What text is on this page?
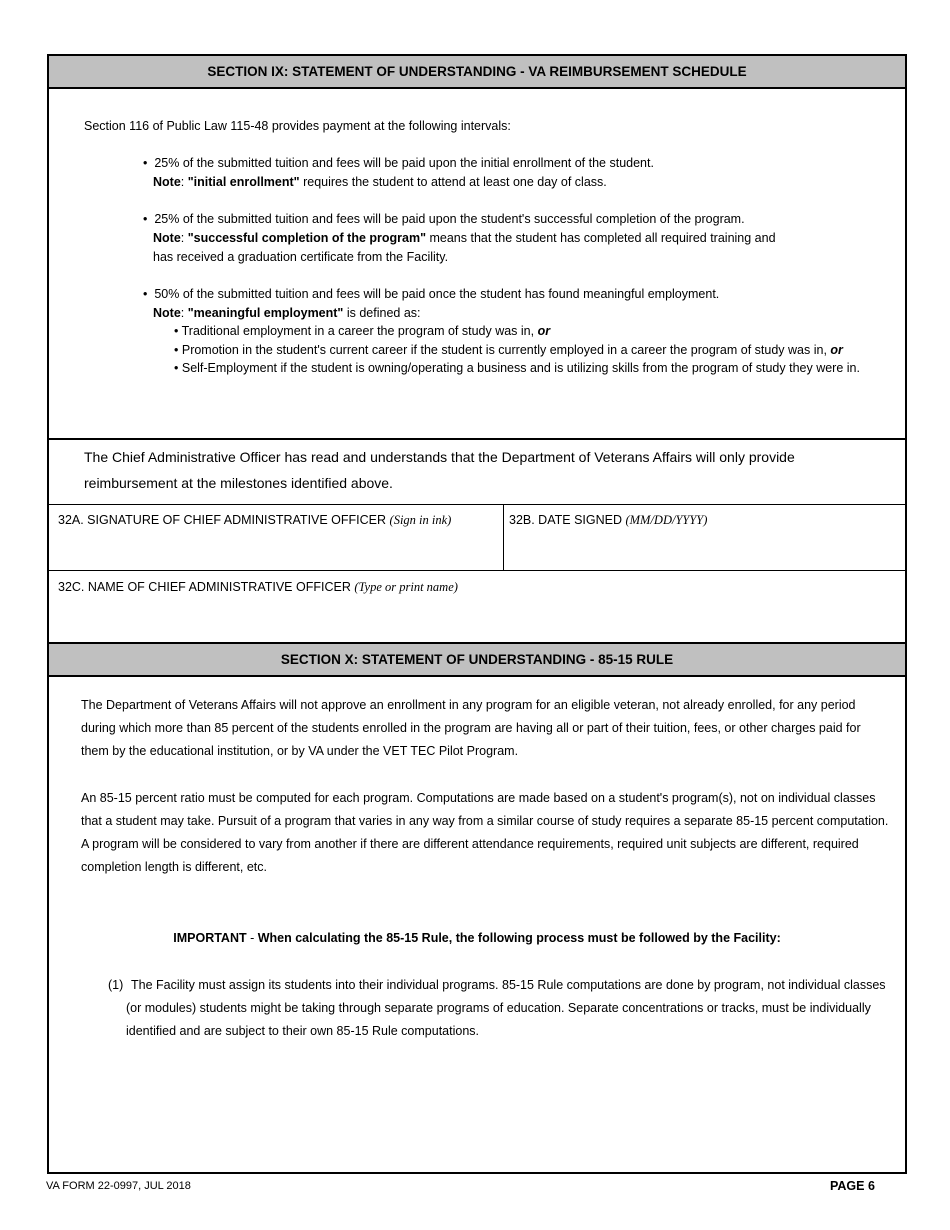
SECTION IX: STATEMENT OF UNDERSTANDING - VA REIMBURSEMENT SCHEDULE
Section 116 of Public Law 115-48 provides payment at the following intervals:
•  25% of the submitted tuition and fees will be paid upon the initial enrollment of the student.
Note: "initial enrollment" requires the student to attend at least one day of class.
•  25% of the submitted tuition and fees will be paid upon the student's successful completion of the program.
Note: "successful completion of the program" means that the student has completed all required training and
has received a graduation certificate from the Facility.
•  50% of the submitted tuition and fees will be paid once the student has found meaningful employment.
Note: "meaningful employment" is defined as:
• Traditional employment in a career the program of study was in, or
• Promotion in the student's current career if the student is currently employed in a career the program of study was in, or
• Self-Employment if the student is owning/operating a business and is utilizing skills from the program of study they were in.
The Chief Administrative Officer has read and understands that the Department of Veterans Affairs will only provide
reimbursement at the milestones identified above.
32A. SIGNATURE OF CHIEF ADMINISTRATIVE OFFICER (Sign in ink)	32B. DATE SIGNED (MM/DD/YYYY)
32C. NAME OF CHIEF ADMINISTRATIVE OFFICER (Type or print name)
SECTION X: STATEMENT OF UNDERSTANDING - 85-15 RULE
The Department of Veterans Affairs will not approve an enrollment in any program for an eligible veteran, not already enrolled, for any period during which more than 85 percent of the students enrolled in the program are having all or part of their tuition, fees, or other charges paid for them by the educational institution, or by VA under the VET TEC Pilot Program.
An 85-15 percent ratio must be computed for each program. Computations are made based on a student's program(s), not on individual classes that a student may take. Pursuit of a program that varies in any way from a similar course of study requires a separate 85-15 percent computation. A program will be considered to vary from another if there are different attendance requirements, required unit subjects are different, required completion length is different, etc.
IMPORTANT - When calculating the 85-15 Rule, the following process must be followed by the Facility:
(1) The Facility must assign its students into their individual programs. 85-15 Rule computations are done by program, not individual classes (or modules) students might be taking through separate programs of education. Separate concentrations or tracks, must be individually identified and are subject to their own 85-15 Rule computations.
VA FORM 22-0997, JUL 2018	PAGE 6
